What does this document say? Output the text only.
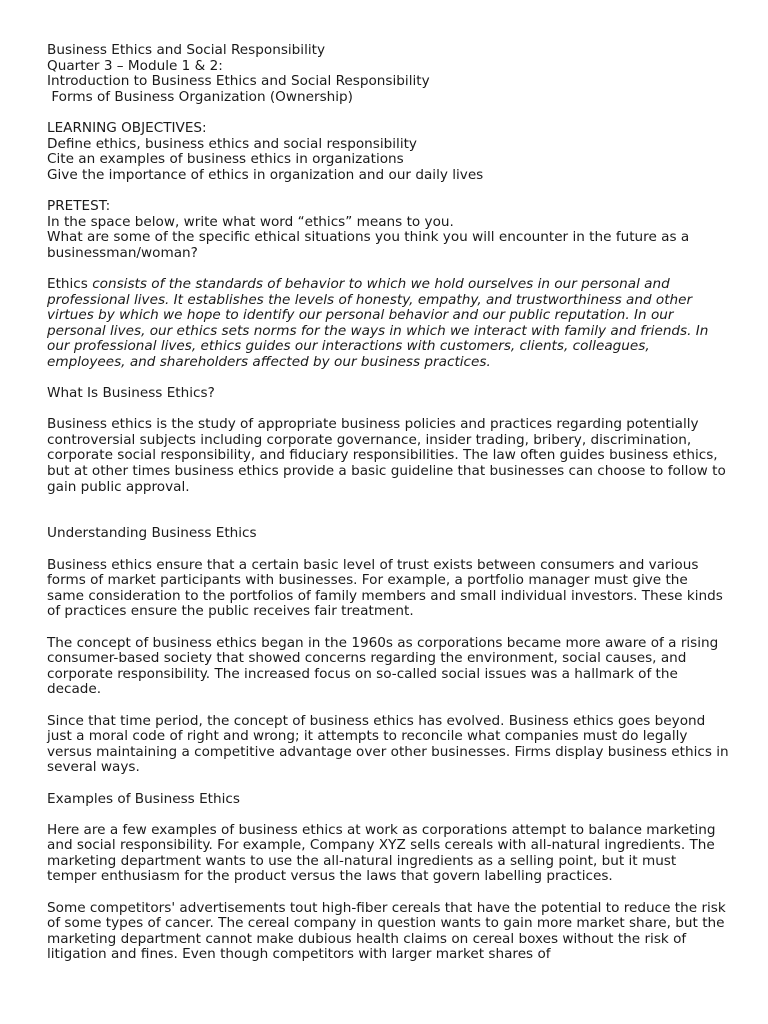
Business Ethics and Social Responsibility

Quarter 3 – Module 1 & 2:

Introduction to Business Ethics and Social Responsibility

Forms of Business Organization (Ownership)

LEARNING OBJECTIVES:

Define ethics, business ethics and social responsibility

Cite an examples of business ethics in organizations

Give the importance of ethics in organization and our daily lives

PRETEST:

In the space below, write what word “ethics” means to you.

What are some of the specific ethical situations you think you will encounter in the future as a businessman/woman?

Ethics consists of the standards of behavior to which we hold ourselves in our personal and professional lives. It establishes the levels of honesty, empathy, and trustworthiness and other virtues by which we hope to identify our personal behavior and our public reputation. In our personal lives, our ethics sets norms for the ways in which we interact with family and friends. In our professional lives, ethics guides our interactions with customers, clients, colleagues, employees, and shareholders affected by our business practices.

What Is Business Ethics?

Business ethics is the study of appropriate business policies and practices regarding potentially controversial subjects including corporate governance, insider trading, bribery, discrimination, corporate social responsibility, and fiduciary responsibilities. The law often guides business ethics, but at other times business ethics provide a basic guideline that businesses can choose to follow to gain public approval.

Understanding Business Ethics

Business ethics ensure that a certain basic level of trust exists between consumers and various forms of market participants with businesses. For example, a portfolio manager must give the same consideration to the portfolios of family members and small individual investors. These kinds of practices ensure the public receives fair treatment.

The concept of business ethics began in the 1960s as corporations became more aware of a rising consumer-based society that showed concerns regarding the environment, social causes, and corporate responsibility. The increased focus on so-called social issues was a hallmark of the decade.

Since that time period, the concept of business ethics has evolved. Business ethics goes beyond just a moral code of right and wrong; it attempts to reconcile what companies must do legally versus maintaining a competitive advantage over other businesses. Firms display business ethics in several ways.

Examples of Business Ethics

Here are a few examples of business ethics at work as corporations attempt to balance marketing and social responsibility. For example, Company XYZ sells cereals with all-natural ingredients. The marketing department wants to use the all-natural ingredients as a selling point, but it must temper enthusiasm for the product versus the laws that govern labelling practices.

Some competitors' advertisements tout high-fiber cereals that have the potential to reduce the risk of some types of cancer. The cereal company in question wants to gain more market share, but the marketing department cannot make dubious health claims on cereal boxes without the risk of litigation and fines. Even though competitors with larger market shares of
